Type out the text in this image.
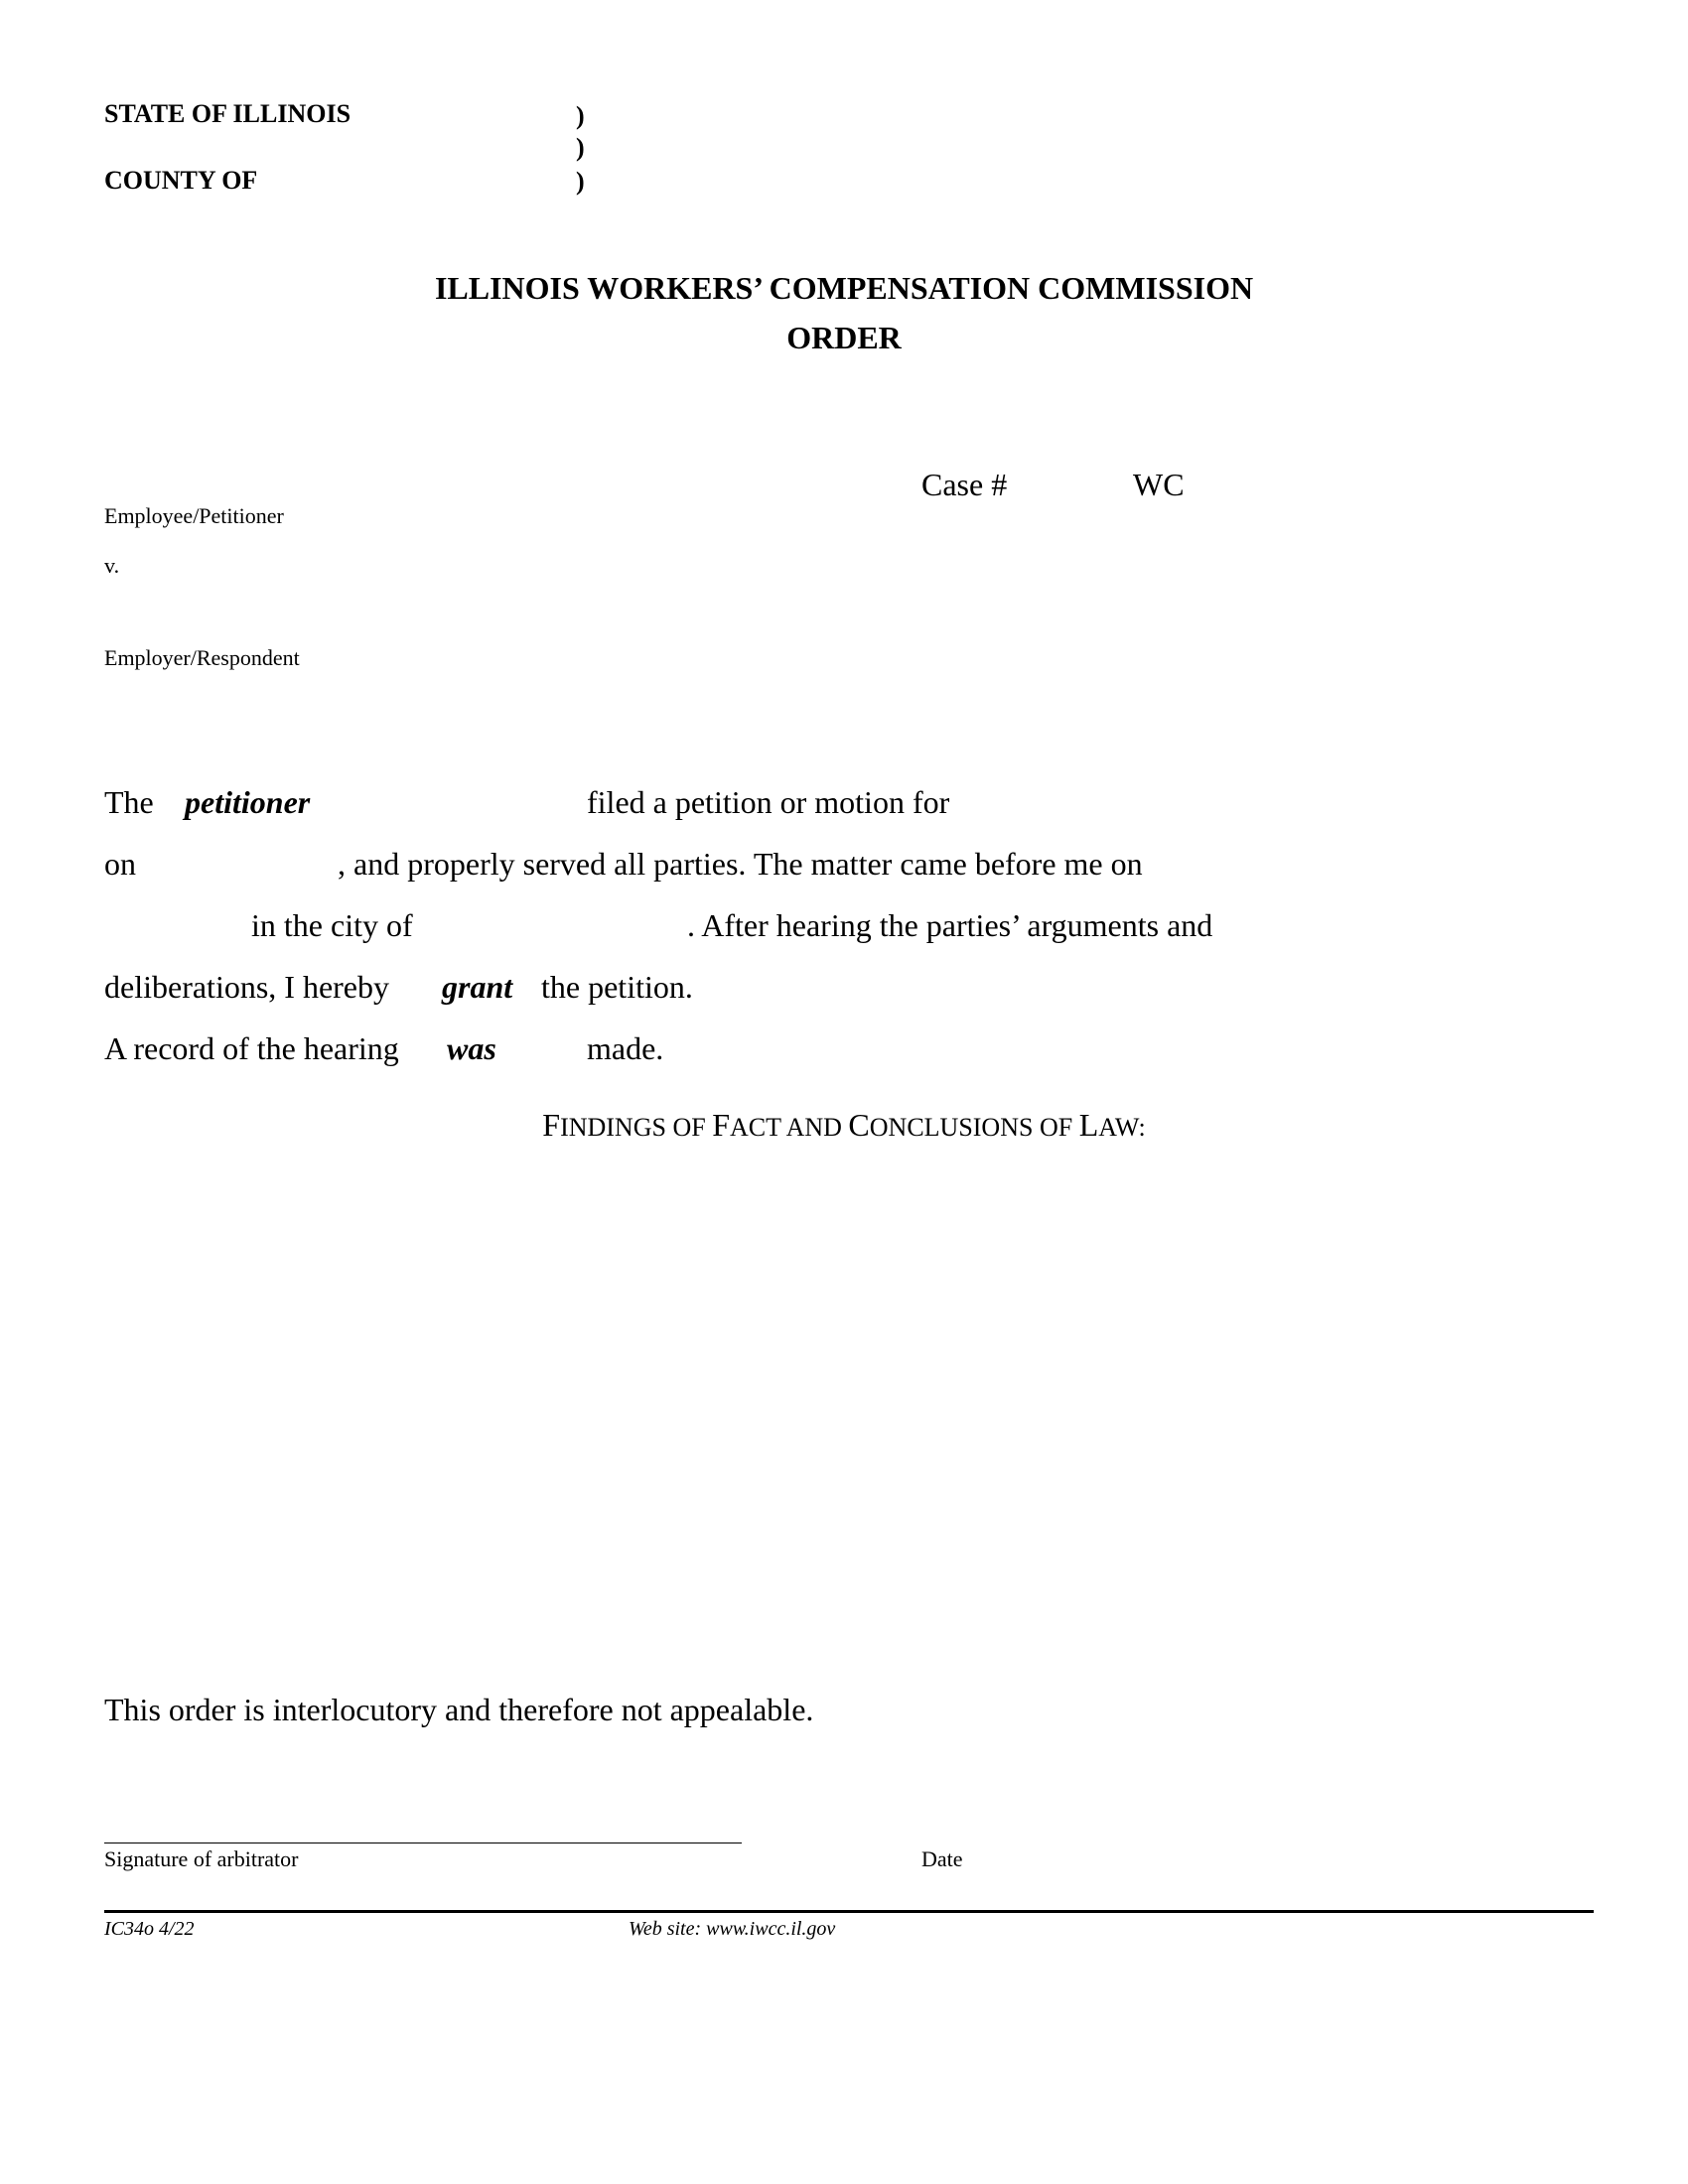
STATE OF ILLINOIS
COUNTY OF
)
)
)
ILLINOIS WORKERS’ COMPENSATION COMMISSION
ORDER
Case #	WC
Employee/Petitioner
v.
Employer/Respondent
The petitioner	filed a petition or motion for
on	, and properly served all parties. The matter came before me on
in the city of	. After hearing the parties’ arguments and
deliberations, I hereby grant the petition.
A record of the hearing was	made.
FINDINGS OF FACT AND CONCLUSIONS OF LAW:
This order is interlocutory and therefore not appealable.
Signature of arbitrator	Date
IC34o 4/22	Web site: www.iwcc.il.gov
